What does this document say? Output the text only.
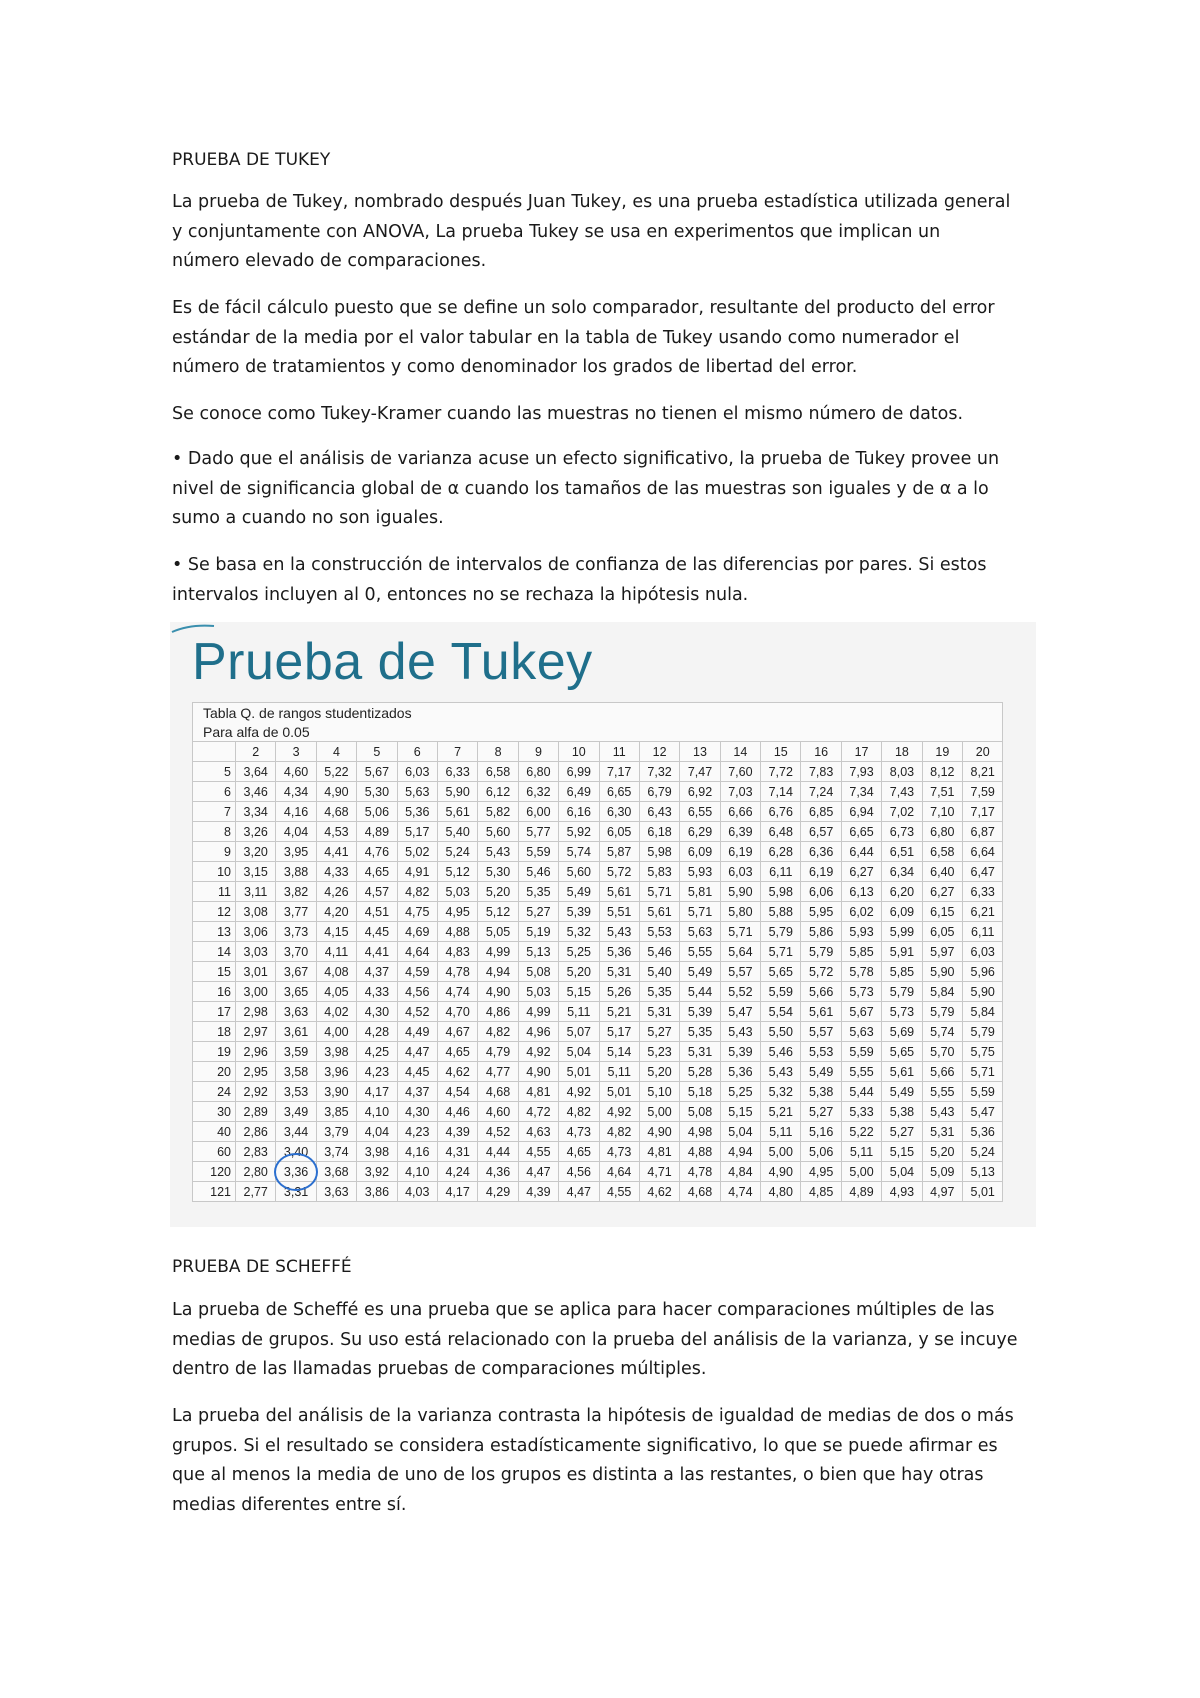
PRUEBA DE TUKEY

La prueba de Tukey, nombrado después Juan Tukey, es una prueba estadística utilizada general
y conjuntamente con ANOVA, La prueba Tukey se usa en experimentos que implican un
número elevado de comparaciones.

Es de fácil cálculo puesto que se define un solo comparador, resultante del producto del error
estándar de la media por el valor tabular en la tabla de Tukey usando como numerador el
número de tratamientos y como denominador los grados de libertad del error.

Se conoce como Tukey-Kramer cuando las muestras no tienen el mismo número de datos.

• Dado que el análisis de varianza acuse un efecto significativo, la prueba de Tukey provee un
nivel de significancia global de α cuando los tamaños de las muestras son iguales y de α a lo
sumo a cuando no son iguales.

• Se basa en la construcción de intervalos de confianza de las diferencias por pares. Si estos
intervalos incluyen al 0, entonces no se rechaza la hipótesis nula.

Prueba de Tukey

Tabla Q. de rangos studentizados																			
Para alfa de 0.05																			
	2	3	4	5	6	7	8	9	10	11	12	13	14	15	16	17	18	19	20
5	3,64	4,60	5,22	5,67	6,03	6,33	6,58	6,80	6,99	7,17	7,32	7,47	7,60	7,72	7,83	7,93	8,03	8,12	8,21
6	3,46	4,34	4,90	5,30	5,63	5,90	6,12	6,32	6,49	6,65	6,79	6,92	7,03	7,14	7,24	7,34	7,43	7,51	7,59
7	3,34	4,16	4,68	5,06	5,36	5,61	5,82	6,00	6,16	6,30	6,43	6,55	6,66	6,76	6,85	6,94	7,02	7,10	7,17
8	3,26	4,04	4,53	4,89	5,17	5,40	5,60	5,77	5,92	6,05	6,18	6,29	6,39	6,48	6,57	6,65	6,73	6,80	6,87
9	3,20	3,95	4,41	4,76	5,02	5,24	5,43	5,59	5,74	5,87	5,98	6,09	6,19	6,28	6,36	6,44	6,51	6,58	6,64
10	3,15	3,88	4,33	4,65	4,91	5,12	5,30	5,46	5,60	5,72	5,83	5,93	6,03	6,11	6,19	6,27	6,34	6,40	6,47
11	3,11	3,82	4,26	4,57	4,82	5,03	5,20	5,35	5,49	5,61	5,71	5,81	5,90	5,98	6,06	6,13	6,20	6,27	6,33
12	3,08	3,77	4,20	4,51	4,75	4,95	5,12	5,27	5,39	5,51	5,61	5,71	5,80	5,88	5,95	6,02	6,09	6,15	6,21
13	3,06	3,73	4,15	4,45	4,69	4,88	5,05	5,19	5,32	5,43	5,53	5,63	5,71	5,79	5,86	5,93	5,99	6,05	6,11
14	3,03	3,70	4,11	4,41	4,64	4,83	4,99	5,13	5,25	5,36	5,46	5,55	5,64	5,71	5,79	5,85	5,91	5,97	6,03
15	3,01	3,67	4,08	4,37	4,59	4,78	4,94	5,08	5,20	5,31	5,40	5,49	5,57	5,65	5,72	5,78	5,85	5,90	5,96
16	3,00	3,65	4,05	4,33	4,56	4,74	4,90	5,03	5,15	5,26	5,35	5,44	5,52	5,59	5,66	5,73	5,79	5,84	5,90
17	2,98	3,63	4,02	4,30	4,52	4,70	4,86	4,99	5,11	5,21	5,31	5,39	5,47	5,54	5,61	5,67	5,73	5,79	5,84
18	2,97	3,61	4,00	4,28	4,49	4,67	4,82	4,96	5,07	5,17	5,27	5,35	5,43	5,50	5,57	5,63	5,69	5,74	5,79
19	2,96	3,59	3,98	4,25	4,47	4,65	4,79	4,92	5,04	5,14	5,23	5,31	5,39	5,46	5,53	5,59	5,65	5,70	5,75
20	2,95	3,58	3,96	4,23	4,45	4,62	4,77	4,90	5,01	5,11	5,20	5,28	5,36	5,43	5,49	5,55	5,61	5,66	5,71
24	2,92	3,53	3,90	4,17	4,37	4,54	4,68	4,81	4,92	5,01	5,10	5,18	5,25	5,32	5,38	5,44	5,49	5,55	5,59
30	2,89	3,49	3,85	4,10	4,30	4,46	4,60	4,72	4,82	4,92	5,00	5,08	5,15	5,21	5,27	5,33	5,38	5,43	5,47
40	2,86	3,44	3,79	4,04	4,23	4,39	4,52	4,63	4,73	4,82	4,90	4,98	5,04	5,11	5,16	5,22	5,27	5,31	5,36
60	2,83	3,40	3,74	3,98	4,16	4,31	4,44	4,55	4,65	4,73	4,81	4,88	4,94	5,00	5,06	5,11	5,15	5,20	5,24
120	2,80	3,36	3,68	3,92	4,10	4,24	4,36	4,47	4,56	4,64	4,71	4,78	4,84	4,90	4,95	5,00	5,04	5,09	5,13
121	2,77	3,31	3,63	3,86	4,03	4,17	4,29	4,39	4,47	4,55	4,62	4,68	4,74	4,80	4,85	4,89	4,93	4,97	5,01

PRUEBA DE SCHEFFÉ

La prueba de Scheffé es una prueba que se aplica para hacer comparaciones múltiples de las
medias de grupos. Su uso está relacionado con la prueba del análisis de la varianza, y se incuye
dentro de las llamadas pruebas de comparaciones múltiples.

La prueba del análisis de la varianza contrasta la hipótesis de igualdad de medias de dos o más
grupos. Si el resultado se considera estadísticamente significativo, lo que se puede afirmar es
que al menos la media de uno de los grupos es distinta a las restantes, o bien que hay otras
medias diferentes entre sí.
